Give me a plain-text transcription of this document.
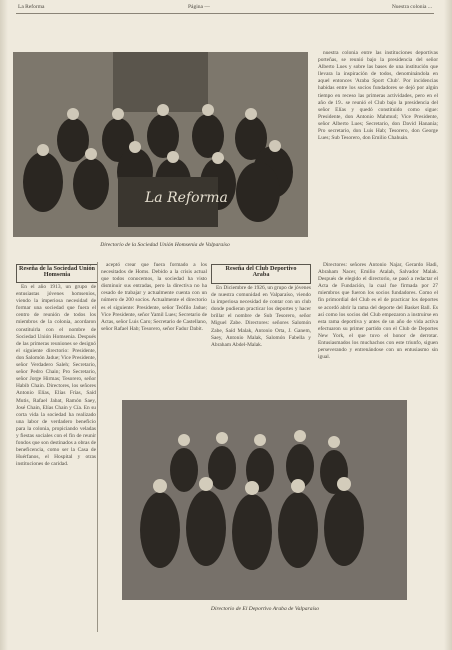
La Reforma	Página —	Nuestra colonia ...
La Reforma
Directorio de la Sociedad Unión Homsenia de Valparaíso

nuestra colonia entre las instituciones deportivas porteñas, se reunió bajo la presidencia del señor Alberto Lues y sobre las bases de una institución que llevara la inspiración de todos, denominándola en aquel entonces 'Araba Sport Club'. Por incidencias habidas entre los socios fundadores se dejó por algún tiempo en receso las primeras actividades, pero en el año de 19.. se reunió el Club bajo la presidencia del señor Elías y quedó constituido como sigue: Presidente, don Antonio Mahmud; Vice Presidente, señor Alberto Lues; Secretario, don David Hananía; Pro secretario, don Luis Hab; Tesorero, don George Lues; Sub Tesorero, don Emilio Chahuán.

Reseña de la Sociedad Unión
Homsenia

En el año 1913, un grupo de entusiastas jóvenes homsenios, viendo la imperiosa necesidad de formar una sociedad que fuera el centro de reunión de todos los miembros de la colonia, acordaron constituirla con el nombre de Sociedad Unión Homsenia. Después de las primeras reuniones se designó el siguiente directorio: Presidente, don Salomón Jadue; Vice Presidente, señor Verdadero Saleh; Secretario, señor Pedro Chain; Pro Secretario, señor Jorge Hirmas; Tesorero, señor Habib Chain. Directores, los señores Antonio Elías, Elías Frías, Saíd Mutis, Rafael Jabat, Ramón Saey, José Chain, Elías Chain y Cía. En su corta vida la sociedad ha realizado una labor de verdadero beneficio para la colonia, propiciando veladas y fiestas sociales con el fin de reunir fondos que son destinados a obras de beneficencia, como ser la Casa de Huérfanos, el Hospital y otras instituciones de caridad.

aceptó crear que fuera formado a los necesitados de Homs. Debido a la crisis actual que todos conocemos, la sociedad ha visto disminuir sus entradas, pero la directiva no ha cesado de trabajar y actualmente cuenta con un número de 200 socios. Actualmente el directorio es el siguiente: Presidente, señor Teófilo Jadue; Vice Presidente, señor Yamil Lues; Secretario de Actas, señor Luis Caro; Secretario de Castellano, señor Rafael Hab; Tesorero, señor Fadur Dabit.

Reseña del Club Deportivo
Araba

En Diciembre de 1926, un grupo de jóvenes de nuestra comunidad en Valparaíso, viendo la imperiosa necesidad de contar con un club donde pudieran practicar los deportes y hacer brillar el nombre de Sub Tesorero, señor Miguel Zabe. Directores: señores Salomón Zabe, Saíd Malak, Antonio Orta, J. Ganem, Saey, Antonio Malak, Salomón Fabella y Abraham Abdel-Malak.

Directores: señores Antonio Najar, Gerardo Hadi, Abraham Nacer, Emilio Atalah, Salvador Malak. Después de elegido el directorio, se pasó a redactar el Acta de Fundación, la cual fue firmada por 27 miembros que fueron los socios fundadores. Como el fin primordial del Club es el de practicar los deportes se acordó abrir la rama del deporte del Basket Ball. Es así como los socios del Club empezaron a instruirse en esta rama deportiva y antes de un año de vida activa efectuaron su primer partido con el Club de Deportes New York, el que tuvo el honor de derrotar. Entusiasmados los muchachos con este triunfo, siguen perseverando y entrenándose con un entusiasmo sin igual.

Directorio de El Deportivo Araba de Valparaíso
